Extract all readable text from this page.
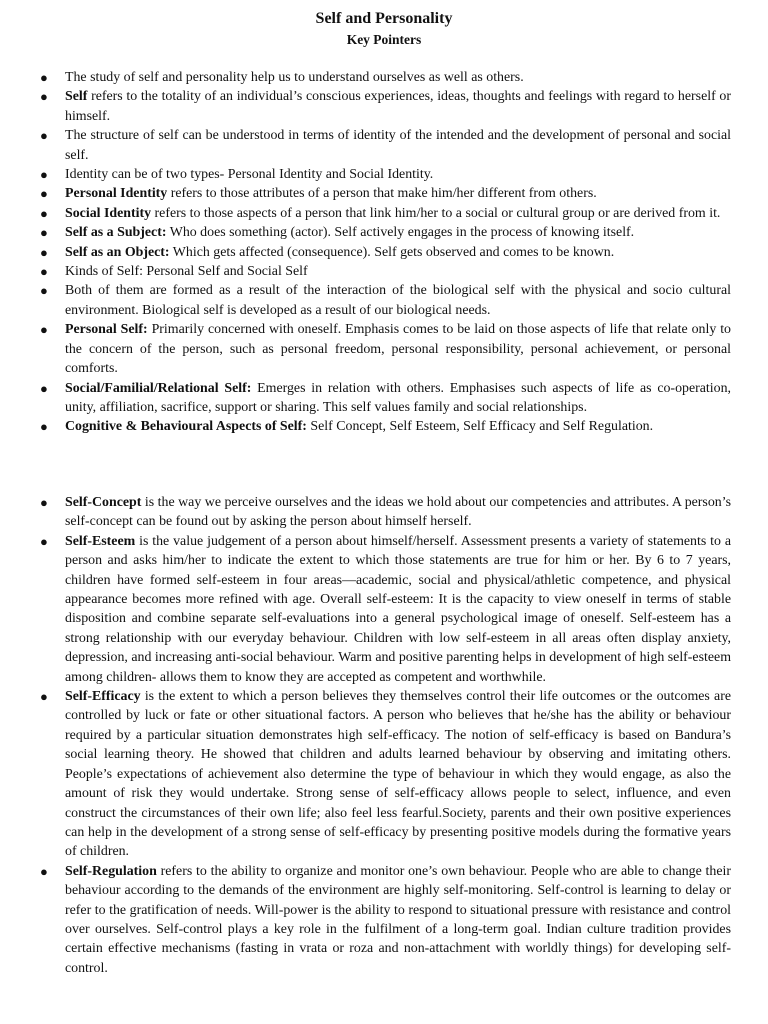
Self and Personality
Key Pointers
● The study of self and personality help us to understand ourselves as well as others.
● Self refers to the totality of an individual’s conscious experiences, ideas, thoughts and feelings with regard to herself or himself.
● The structure of self can be understood in terms of identity of the intended and the development of personal and social self.
● Identity can be of two types- Personal Identity and Social Identity.
● Personal Identity refers to those attributes of a person that make him/her different from others.
● Social Identity refers to those aspects of a person that link him/her to a social or cultural group or are derived from it.
● Self as a Subject: Who does something (actor). Self actively engages in the process of knowing itself.
● Self as an Object: Which gets affected (consequence). Self gets observed and comes to be known.
● Kinds of Self: Personal Self and Social Self
● Both of them are formed as a result of the interaction of the biological self with the physical and socio cultural environment. Biological self is developed as a result of our biological needs.
● Personal Self: Primarily concerned with oneself. Emphasis comes to be laid on those aspects of life that relate only to the concern of the person, such as personal freedom, personal responsibility, personal achievement, or personal comforts.
● Social/Familial/Relational Self: Emerges in relation with others. Emphasises such aspects of life as co-operation, unity, affiliation, sacrifice, support or sharing. This self values family and social relationships.
● Cognitive & Behavioural Aspects of Self: Self Concept, Self Esteem, Self Efficacy and Self Regulation.
● Self-Concept is the way we perceive ourselves and the ideas we hold about our competencies and attributes. A person’s self-concept can be found out by asking the person about himself herself.
● Self-Esteem is the value judgement of a person about himself/herself. Assessment presents a variety of statements to a person and asks him/her to indicate the extent to which those statements are true for him or her. By 6 to 7 years, children have formed self-esteem in four areas—academic, social and physical/athletic competence, and physical appearance becomes more refined with age. Overall self-esteem: It is the capacity to view oneself in terms of stable disposition and combine separate self-evaluations into a general psychological image of oneself. Self-esteem has a strong relationship with our everyday behaviour. Children with low self-esteem in all areas often display anxiety, depression, and increasing anti-social behaviour. Warm and positive parenting helps in development of high self-esteem among children- allows them to know they are accepted as competent and worthwhile.
● Self-Efficacy is the extent to which a person believes they themselves control their life outcomes or the outcomes are controlled by luck or fate or other situational factors. A person who believes that he/she has the ability or behaviour required by a particular situation demonstrates high self-efficacy. The notion of self-efficacy is based on Bandura’s social learning theory. He showed that children and adults learned behaviour by observing and imitating others. People’s expectations of achievement also determine the type of behaviour in which they would engage, as also the amount of risk they would undertake. Strong sense of self-efficacy allows people to select, influence, and even construct the circumstances of their own life; also feel less fearful.Society, parents and their own positive experiences can help in the development of a strong sense of self-efficacy by presenting positive models during the formative years of children.
● Self-Regulation refers to the ability to organize and monitor one’s own behaviour. People who are able to change their behaviour according to the demands of the environment are highly self-monitoring. Self-control is learning to delay or refer to the gratification of needs. Will-power is the ability to respond to situational pressure with resistance and control over ourselves. Self-control plays a key role in the fulfilment of a long-term goal. Indian culture tradition provides certain effective mechanisms (fasting in vrata or roza and non-attachment with worldly things) for developing self-control.
